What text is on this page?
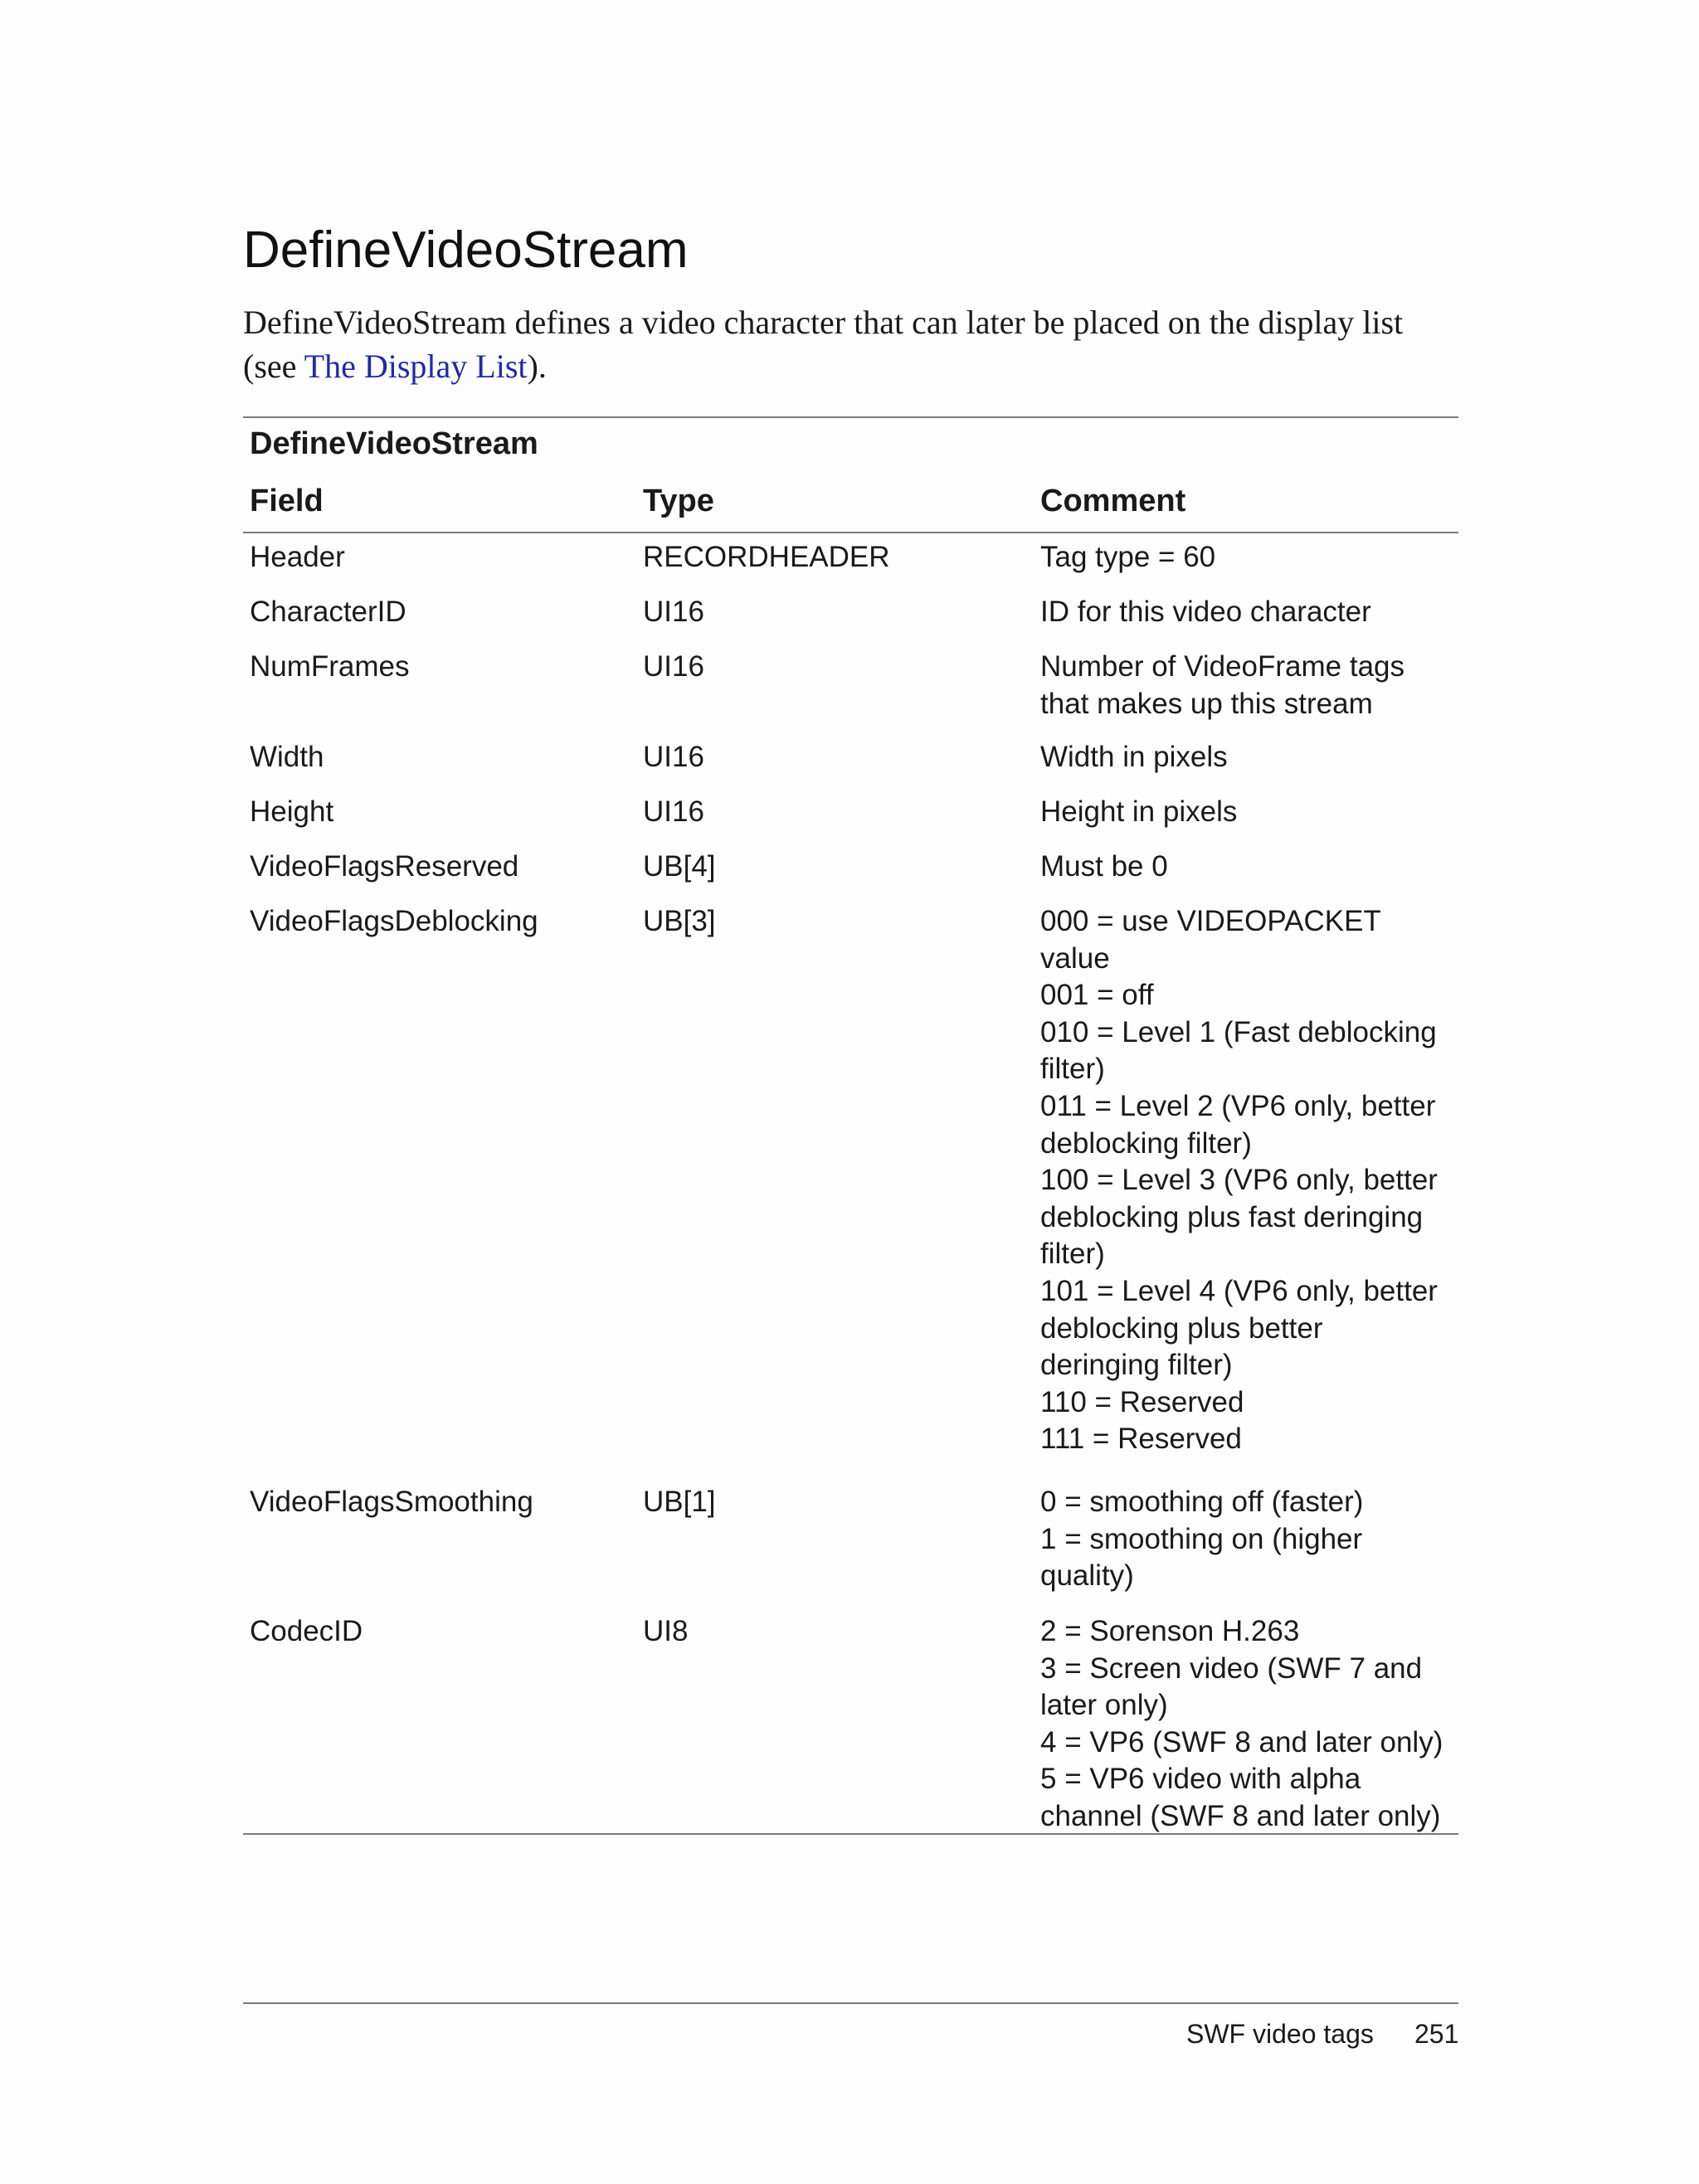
DefineVideoStream

DefineVideoStream defines a video character that can later be placed on the display list (see The Display List).

DefineVideoStream
Field	Type	Comment
Header	RECORDHEADER	Tag type = 60
CharacterID	UI16	ID for this video character
NumFrames	UI16	Number of VideoFrame tags
that makes up this stream
Width	UI16	Width in pixels
Height	UI16	Height in pixels
VideoFlagsReserved	UB[4]	Must be 0
VideoFlagsDeblocking	UB[3]	000 = use VIDEOPACKET
value
001 = off
010 = Level 1 (Fast deblocking
filter)
011 = Level 2 (VP6 only, better
deblocking filter)
100 = Level 3 (VP6 only, better
deblocking plus fast deringing
filter)
101 = Level 4 (VP6 only, better
deblocking plus better
deringing filter)
110 = Reserved
111 = Reserved
VideoFlagsSmoothing	UB[1]	0 = smoothing off (faster)
1 = smoothing on (higher
quality)
CodecID	UI8	2 = Sorenson H.263
3 = Screen video (SWF 7 and
later only)
4 = VP6 (SWF 8 and later only)
5 = VP6 video with alpha
channel (SWF 8 and later only)
SWF video tags 251
